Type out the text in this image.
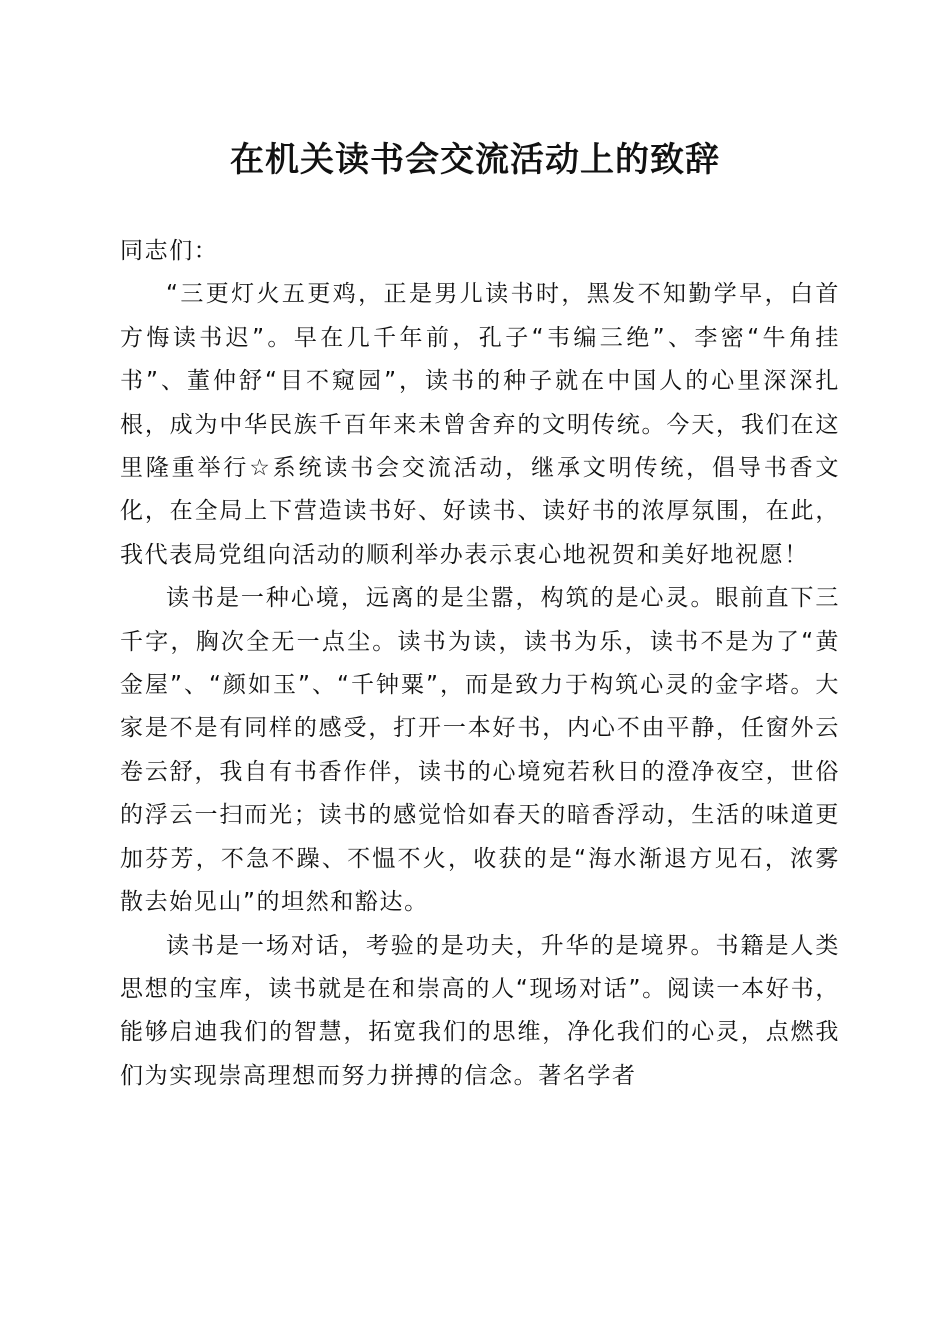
在机关读书会交流活动上的致辞

同志们：

“三更灯火五更鸡，正是男儿读书时，黑发不知勤学早，白首方悔读书迟”。早在几千年前，孔子“韦编三绝”、李密“牛角挂书”、董仲舒“目不窥园”，读书的种子就在中国人的心里深深扎根，成为中华民族千百年来未曾舍弃的文明传统。今天，我们在这里隆重举行☆系统读书会交流活动，继承文明传统，倡导书香文化，在全局上下营造读书好、好读书、读好书的浓厚氛围，在此，我代表局党组向活动的顺利举办表示衷心地祝贺和美好地祝愿！

读书是一种心境，远离的是尘嚣，构筑的是心灵。眼前直下三千字，胸次全无一点尘。读书为读，读书为乐，读书不是为了“黄金屋”、“颜如玉”、“千钟粟”，而是致力于构筑心灵的金字塔。大家是不是有同样的感受，打开一本好书，内心不由平静，任窗外云卷云舒，我自有书香作伴，读书的心境宛若秋日的澄净夜空，世俗的浮云一扫而光；读书的感觉恰如春天的暗香浮动，生活的味道更加芬芳，不急不躁、不愠不火，收获的是“海水渐退方见石，浓雾散去始见山”的坦然和豁达。

读书是一场对话，考验的是功夫，升华的是境界。书籍是人类思想的宝库，读书就是在和崇高的人“现场对话”。阅读一本好书，能够启迪我们的智慧，拓宽我们的思维，净化我们的心灵，点燃我们为实现崇高理想而努力拼搏的信念。著名学者
